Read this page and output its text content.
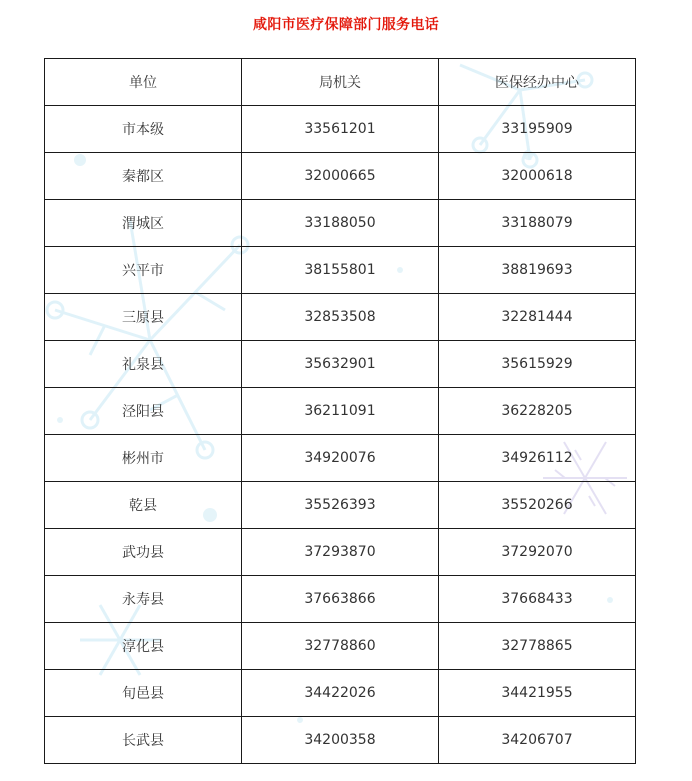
咸阳市医疗保障部门服务电话
单位	局机关	医保经办中心
市本级	33561201	33195909
秦都区	32000665	32000618
渭城区	33188050	33188079
兴平市	38155801	38819693
三原县	32853508	32281444
礼泉县	35632901	35615929
泾阳县	36211091	36228205
彬州市	34920076	34926112
乾县	35526393	35520266
武功县	37293870	37292070
永寿县	37663866	37668433
淳化县	32778860	32778865
旬邑县	34422026	34421955
长武县	34200358	34206707
